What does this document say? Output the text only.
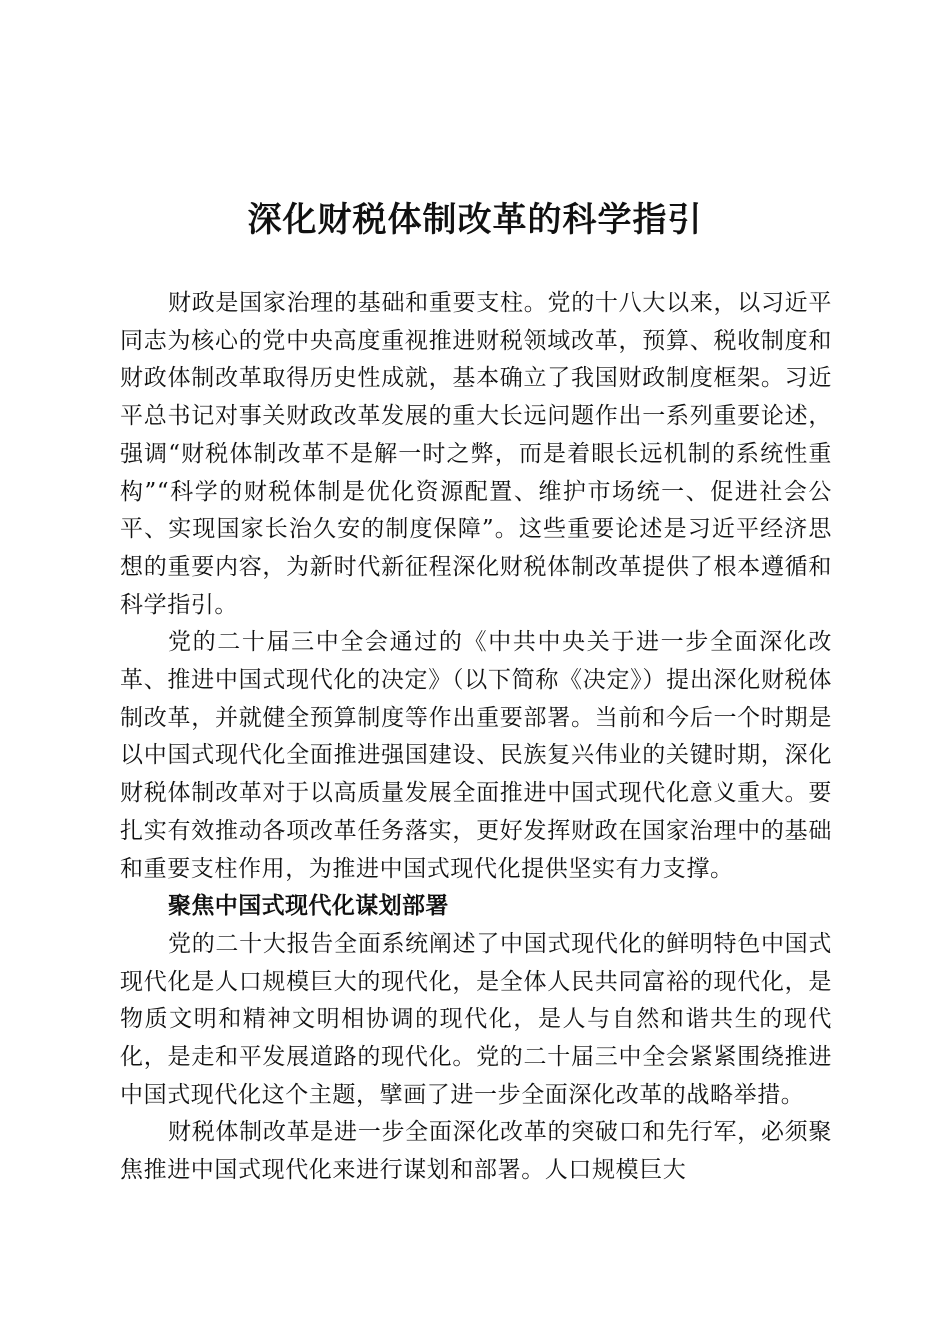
深化财税体制改革的科学指引

财政是国家治理的基础和重要支柱。党的十八大以来，以习近平同志为核心的党中央高度重视推进财税领域改革，预算、税收制度和财政体制改革取得历史性成就，基本确立了我国财政制度框架。习近平总书记对事关财政改革发展的重大长远问题作出一系列重要论述，强调“财税体制改革不是解一时之弊，而是着眼长远机制的系统性重构”“科学的财税体制是优化资源配置、维护市场统一、促进社会公平、实现国家长治久安的制度保障”。这些重要论述是习近平经济思想的重要内容，为新时代新征程深化财税体制改革提供了根本遵循和科学指引。

党的二十届三中全会通过的《中共中央关于进一步全面深化改革、推进中国式现代化的决定》（以下简称《决定》）提出深化财税体制改革，并就健全预算制度等作出重要部署。当前和今后一个时期是以中国式现代化全面推进强国建设、民族复兴伟业的关键时期，深化财税体制改革对于以高质量发展全面推进中国式现代化意义重大。要扎实有效推动各项改革任务落实，更好发挥财政在国家治理中的基础和重要支柱作用，为推进中国式现代化提供坚实有力支撑。

聚焦中国式现代化谋划部署

党的二十大报告全面系统阐述了中国式现代化的鲜明特色中国式现代化是人口规模巨大的现代化，是全体人民共同富裕的现代化，是物质文明和精神文明相协调的现代化，是人与自然和谐共生的现代化，是走和平发展道路的现代化。党的二十届三中全会紧紧围绕推进中国式现代化这个主题，擘画了进一步全面深化改革的战略举措。

财税体制改革是进一步全面深化改革的突破口和先行军，必须聚焦推进中国式现代化来进行谋划和部署。人口规模巨大
